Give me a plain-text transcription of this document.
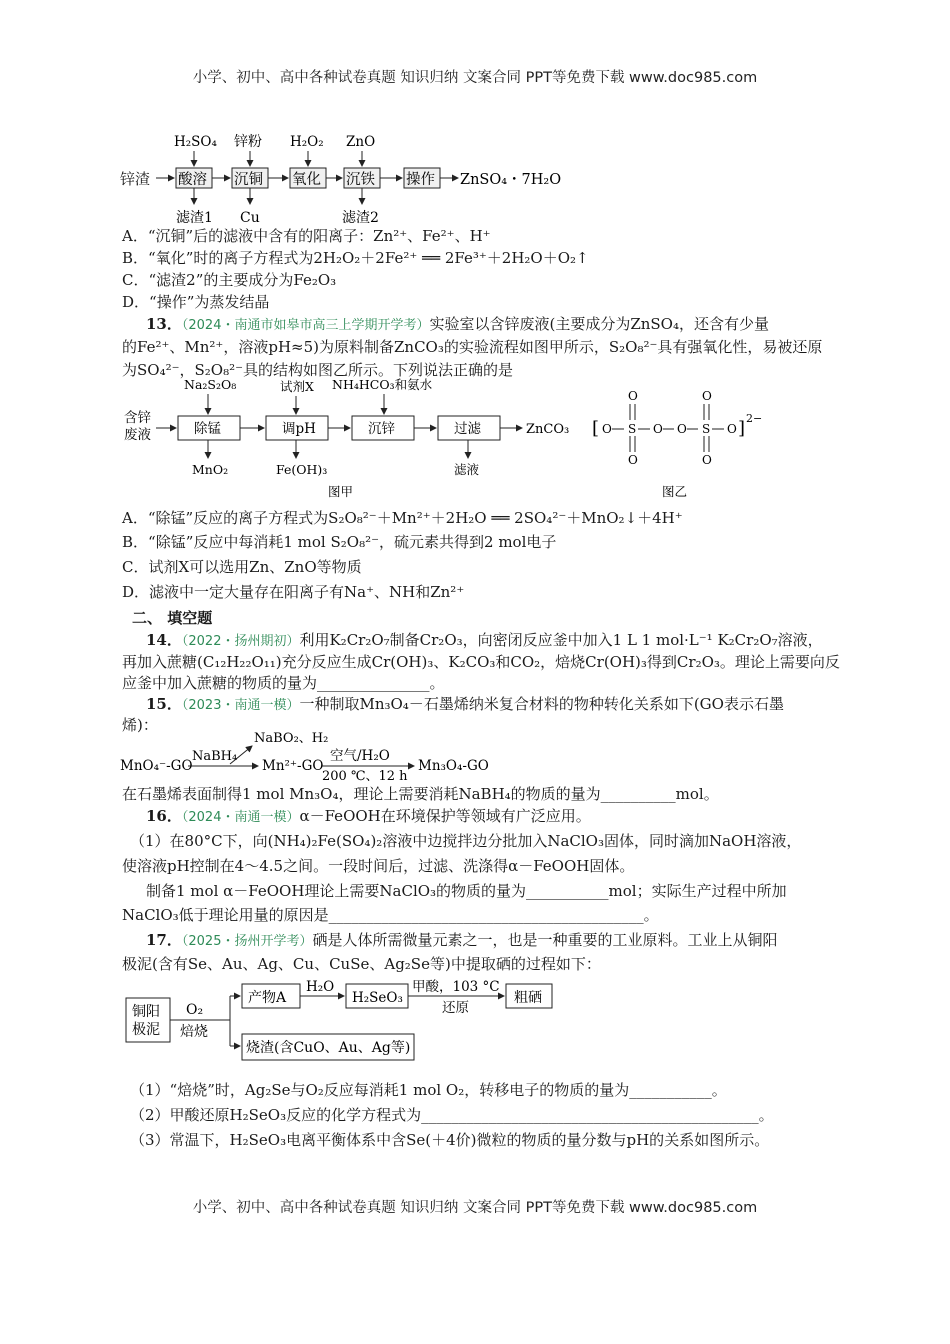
小学、初中、高中各种试卷真题 知识归纳 文案合同 PPT等免费下载 www.doc985.com
锌渣 酸溶 沉铜 氧化 沉铁 操作 ZnSO₄・7H₂O
H₂SO₄ 锌粉 H₂O₂ ZnO
滤渣1 Cu	滤渣2
A．“沉铜”后的滤液中含有的阳离子：Zn²⁺、Fe²⁺、H⁺
B．“氧化”时的离子方程式为2H₂O₂＋2Fe²⁺ ══ 2Fe³⁺＋2H₂O＋O₂↑
C．“滤渣2”的主要成分为Fe₂O₃
D．“操作”为蒸发结晶
13．（2024・南通市如皋市高三上学期开学考）实验室以含锌废液(主要成分为ZnSO₄，还含有少量
的Fe²⁺、Mn²⁺，溶液pH≈5)为原料制备ZnCO₃的实验流程如图甲所示，S₂O₈²⁻具有强氧化性，易被还原
为SO₄²⁻，S₂O₈²⁻具的结构如图乙所示。下列说法正确的是
含锌
废液	除锰	调pH	沉锌	过滤	ZnCO₃
Na₂S₂O₈	试剂X NH₄HCO₃和氨水
MnO₂	Fe(OH)₃	滤液
图甲
[ O S O O S O ] 2−
O
O
O
O
图乙
A．“除锰”反应的离子方程式为S₂O₈²⁻＋Mn²⁺＋2H₂O ══ 2SO₄²⁻＋MnO₂↓＋4H⁺
B．“除锰”反应中每消耗1 mol S₂O₈²⁻，硫元素共得到2 mol电子
C．试剂X可以选用Zn、ZnO等物质
D．滤液中一定大量存在阳离子有Na⁺、NH和Zn²⁺
二、 填空题
14．（2022・扬州期初）利用K₂Cr₂O₇制备Cr₂O₃，向密闭反应釜中加入1 L 1 mol·L⁻¹ K₂Cr₂O₇溶液，
再加入蔗糖(C₁₂H₂₂O₁₁)充分反应生成Cr(OH)₃、K₂CO₃和CO₂，焙烧Cr(OH)₃得到Cr₂O₃。理论上需要向反
应釜中加入蔗糖的物质的量为_______________。
15．（2023・南通一模）一种制取Mn₃O₄－石墨烯纳米复合材料的物种转化关系如下(GO表示石墨
烯)：
MnO₄⁻-GO
NaBH₄
NaBO₂、H₂
Mn²⁺-GO
空气/H₂O
200 ℃、12 h
Mn₃O₄-GO
在石墨烯表面制得1 mol Mn₃O₄，理论上需要消耗NaBH₄的物质的量为__________mol。
16．（2024・南通一模）α－FeOOH在环境保护等领域有广泛应用。
（1）在80°C下，向(NH₄)₂Fe(SO₄)₂溶液中边搅拌边分批加入NaClO₃固体，同时滴加NaOH溶液，
使溶液pH控制在4～4.5之间。一段时间后，过滤、洗涤得α－FeOOH固体。
制备1 mol α－FeOOH理论上需要NaClO₃的物质的量为___________mol；实际生产过程中所加
NaClO₃低于理论用量的原因是__________________________________________。
17．（2025・扬州开学考）硒是人体所需微量元素之一，也是一种重要的工业原料。工业上从铜阳
极泥(含有Se、Au、Ag、Cu、CuSe、Ag₂Se等)中提取硒的过程如下：
铜阳
极泥
O₂
焙烧
产物A
H₂O
H₂SeO₃
甲酸，103 °C
还原
粗硒
烧渣(含CuO、Au、Ag等)
（1）“焙烧”时，Ag₂Se与O₂反应每消耗1 mol O₂，转移电子的物质的量为___________。
（2）甲酸还原H₂SeO₃反应的化学方程式为_____________________________________________。
（3）常温下，H₂SeO₃电离平衡体系中含Se(＋4价)微粒的物质的量分数与pH的关系如图所示。
小学、初中、高中各种试卷真题 知识归纳 文案合同 PPT等免费下载 www.doc985.com
